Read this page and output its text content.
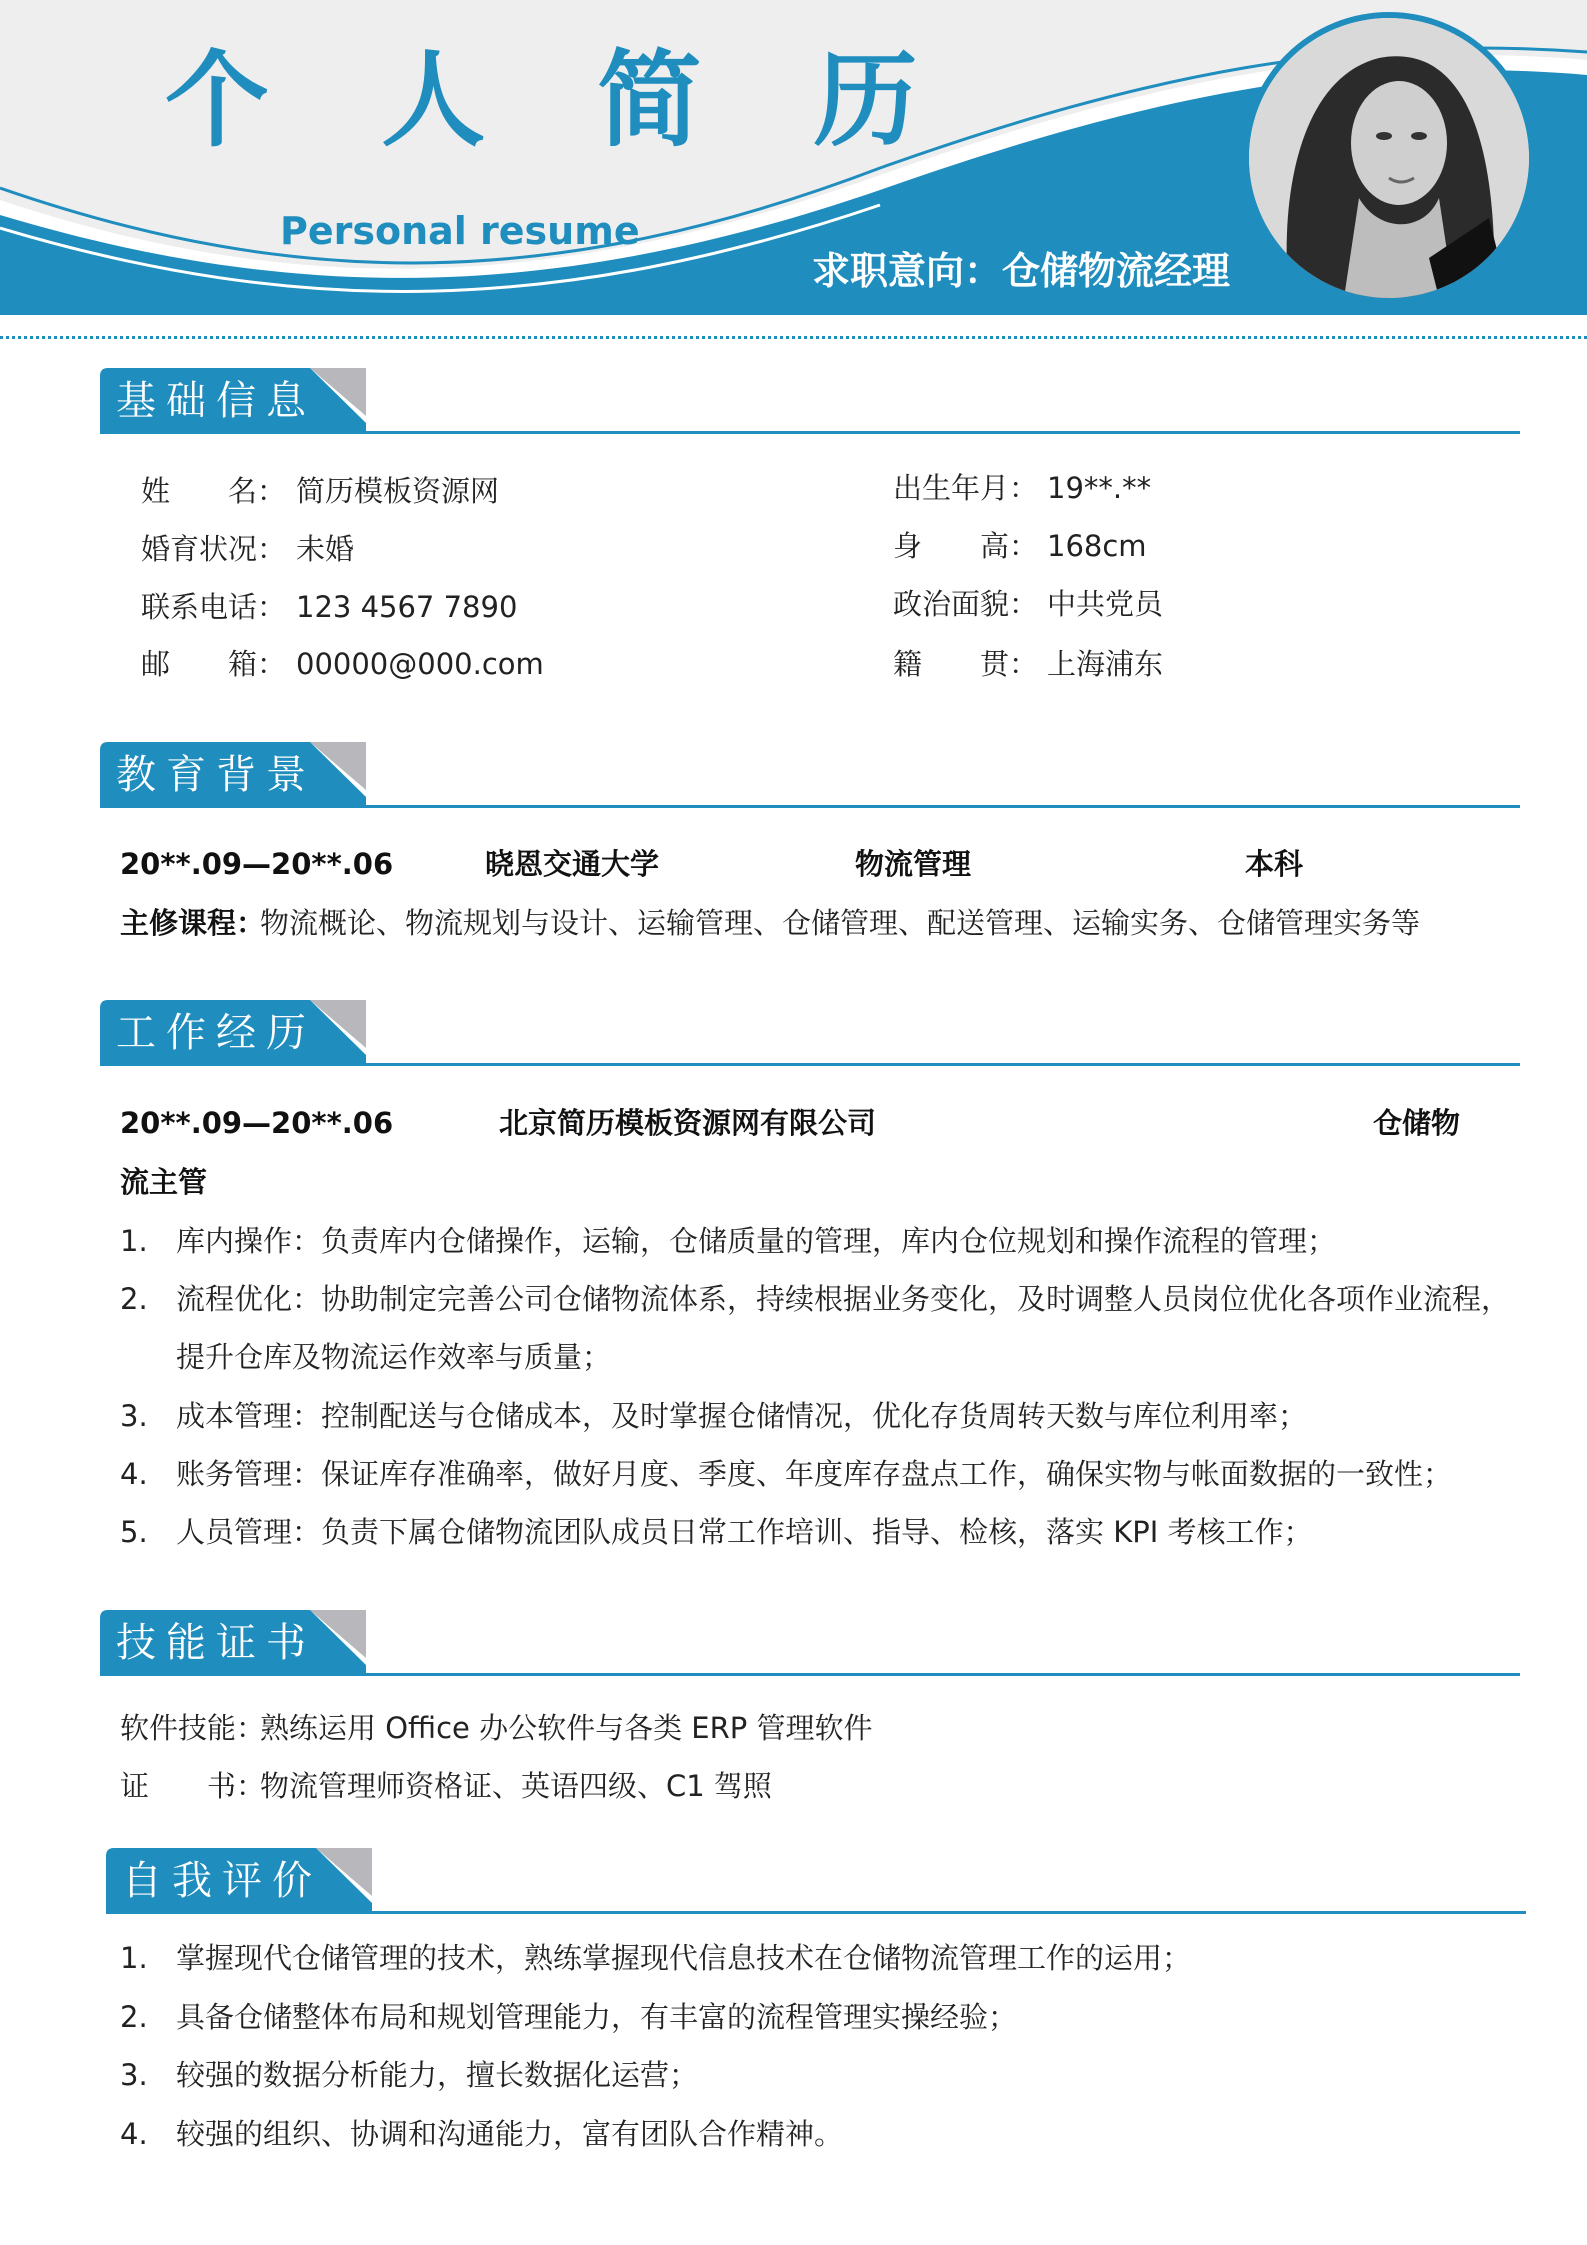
个 人 简 历
Personal resume
求职意向：仓储物流经理
基础信息
姓　　名： 简历模板资源网
婚育状况： 未婚
联系电话： 123 4567 7890
邮　　箱： 00000@000.com
出生年月： 19**.**
身　　高： 168cm
政治面貌： 中共党员
籍　　贯： 上海浦东
教育背景
20**.09—20**.06	晓恩交通大学	物流管理	本科
主修课程：
物流概论、物流规划与设计、运输管理、仓储管理、配送管理、运输实务、仓储管理实务等
工作经历
20**.09—20**.06	北京简历模板资源网有限公司	仓储物
流主管
1. 库内操作：负责库内仓储操作，运输，仓储质量的管理，库内仓位规划和操作流程的管理；
2. 流程优化：协助制定完善公司仓储物流体系，持续根据业务变化，及时调整人员岗位优化各项作业流程，
提升仓库及物流运作效率与质量；
3. 成本管理：控制配送与仓储成本，及时掌握仓储情况，优化存货周转天数与库位利用率；
4. 账务管理：保证库存准确率，做好月度、季度、年度库存盘点工作，确保实物与帐面数据的一致性；
5. 人员管理：负责下属仓储物流团队成员日常工作培训、指导、检核，落实 KPI 考核工作；
技能证书
软件技能：
熟练运用 Office 办公软件与各类 ERP 管理软件
证　　书：
物流管理师资格证、英语四级、C1 驾照
自我评价
1. 掌握现代仓储管理的技术，熟练掌握现代信息技术在仓储物流管理工作的运用；
2. 具备仓储整体布局和规划管理能力，有丰富的流程管理实操经验；
3. 较强的数据分析能力，擅长数据化运营；
4. 较强的组织、协调和沟通能力，富有团队合作精神。
